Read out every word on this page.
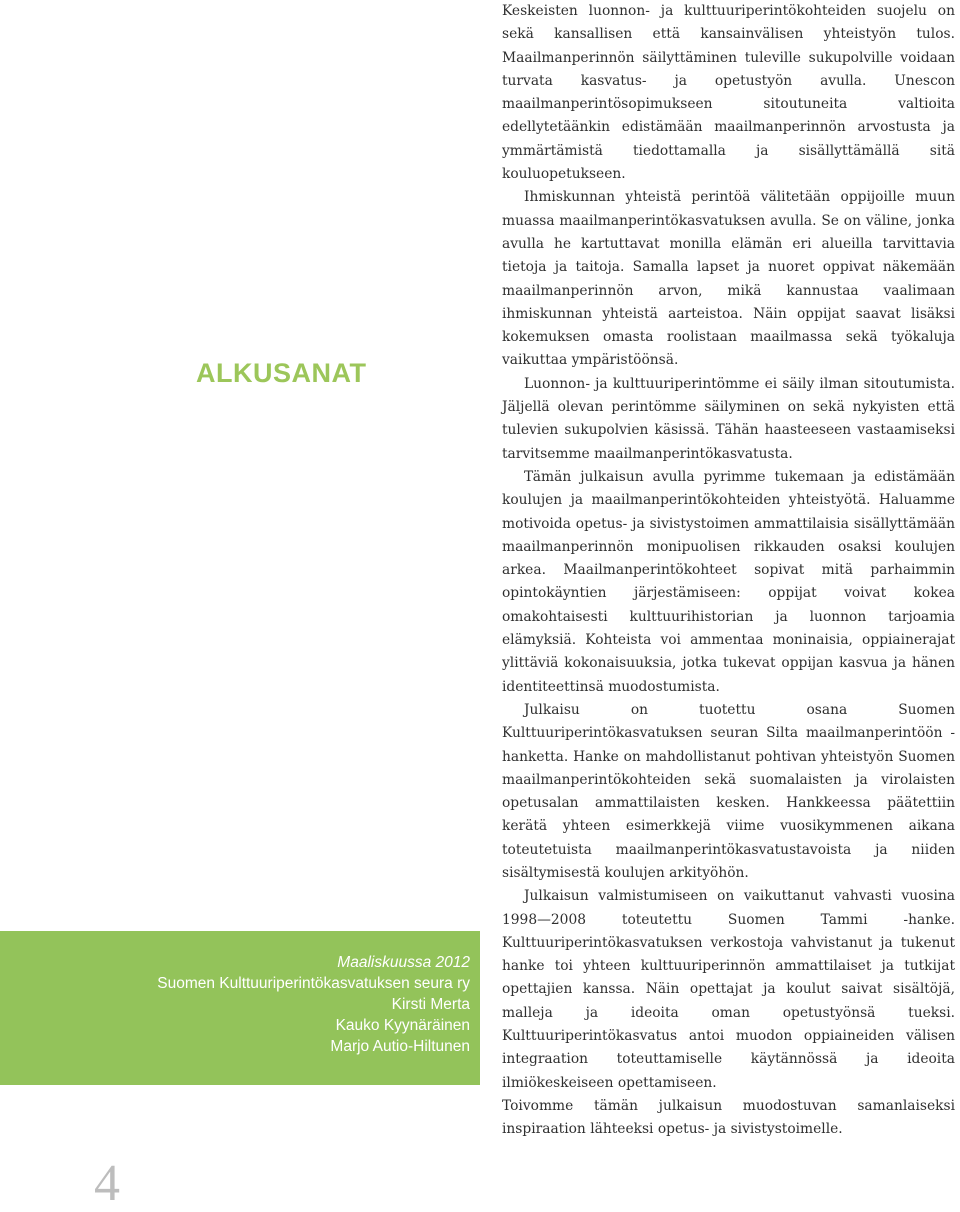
ALKUSANAT
Maaliskuussa 2012
Suomen Kulttuuriperintökasvatuksen seura ry
Kirsti Merta
Kauko Kyynäräinen
Marjo Autio-Hiltunen

Keskeisten luonnon- ja kulttuuriperintökohteiden suojelu on sekä kansallisen että kansainvälisen yhteistyön tulos. Maailmanperinnön säilyttäminen tuleville sukupolville voidaan turvata kasvatus- ja opetustyön avulla. Unescon maailmanperintösopimukseen sitoutuneita valtioita edellytetäänkin edistämään maailmanperinnön arvostusta ja ymmärtämistä tiedottamalla ja sisällyttämällä sitä kouluopetukseen.

Ihmiskunnan yhteistä perintöä välitetään oppijoille muun muassa maailmanperintökasvatuksen avulla. Se on väline, jonka avulla he kartuttavat monilla elämän eri alueilla tarvittavia tietoja ja taitoja. Samalla lapset ja nuoret oppivat näkemään maailmanperinnön arvon, mikä kannustaa vaalimaan ihmiskunnan yhteistä aarteistoa. Näin oppijat saavat lisäksi kokemuksen omasta roolistaan maailmassa sekä työkaluja vaikuttaa ympäristöönsä.

Luonnon- ja kulttuuriperintömme ei säily ilman sitoutumista. Jäljellä olevan perintömme säilyminen on sekä nykyisten että tulevien sukupolvien käsissä. Tähän haasteeseen vastaamiseksi tarvitsemme maailmanperintökasvatusta.

Tämän julkaisun avulla pyrimme tukemaan ja edistämään koulujen ja maailmanperintökohteiden yhteistyötä. Haluamme motivoida opetus- ja sivistystoimen ammattilaisia sisällyttämään maailmanperinnön monipuolisen rikkauden osaksi koulujen arkea. Maailmanperintökohteet sopivat mitä parhaimmin opintokäyntien järjestämiseen: oppijat voivat kokea omakohtaisesti kulttuurihistorian ja luonnon tarjoamia elämyksiä. Kohteista voi ammentaa moninaisia, oppiainerajat ylittäviä kokonaisuuksia, jotka tukevat oppijan kasvua ja hänen identiteettinsä muodostumista.

Julkaisu on tuotettu osana Suomen Kulttuuriperintökasvatuksen seuran Silta maailmanperintöön -hanketta. Hanke on mahdollistanut pohtivan yhteistyön Suomen maailmanperintökohteiden sekä suomalaisten ja virolaisten opetusalan ammattilaisten kesken. Hankkeessa päätettiin kerätä yhteen esimerkkejä viime vuosikymmenen aikana toteutetuista maailmanperintökasvatustavoista ja niiden sisältymisestä koulujen arkityöhön.

Julkaisun valmistumiseen on vaikuttanut vahvasti vuosina 1998—2008 toteutettu Suomen Tammi -hanke. Kulttuuriperintökasvatuksen verkostoja vahvistanut ja tukenut hanke toi yhteen kulttuuriperinnön ammattilaiset ja tutkijat opettajien kanssa. Näin opettajat ja koulut saivat sisältöjä, malleja ja ideoita oman opetustyönsä tueksi. Kulttuuriperintökasvatus antoi muodon oppiaineiden välisen integraation toteuttamiselle käytännössä ja ideoita ilmiökeskeiseen opettamiseen.

Toivomme tämän julkaisun muodostuvan samanlaiseksi inspiraation lähteeksi opetus- ja sivistystoimelle.

4
